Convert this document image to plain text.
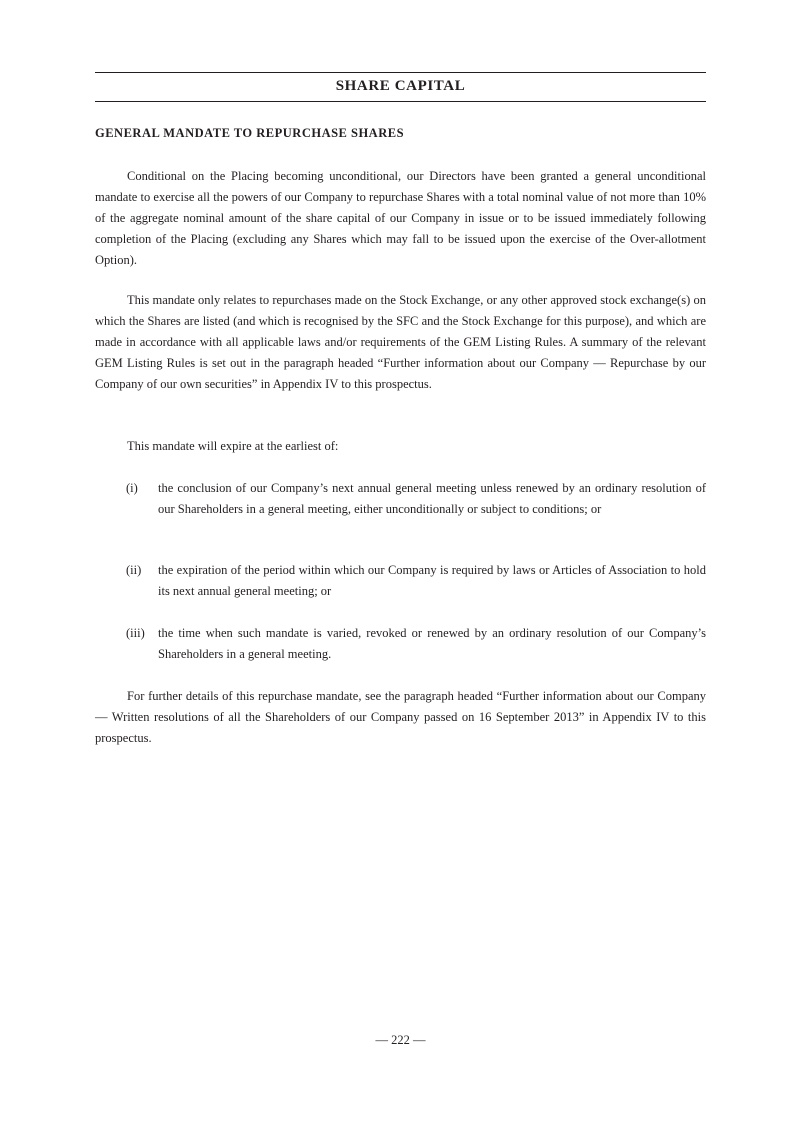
SHARE CAPITAL
GENERAL MANDATE TO REPURCHASE SHARES

Conditional on the Placing becoming unconditional, our Directors have been granted a general unconditional mandate to exercise all the powers of our Company to repurchase Shares with a total nominal value of not more than 10% of the aggregate nominal amount of the share capital of our Company in issue or to be issued immediately following completion of the Placing (excluding any Shares which may fall to be issued upon the exercise of the Over-allotment Option).

This mandate only relates to repurchases made on the Stock Exchange, or any other approved stock exchange(s) on which the Shares are listed (and which is recognised by the SFC and the Stock Exchange for this purpose), and which are made in accordance with all applicable laws and/or requirements of the GEM Listing Rules. A summary of the relevant GEM Listing Rules is set out in the paragraph headed “Further information about our Company — Repurchase by our Company of our own securities” in Appendix IV to this prospectus.

This mandate will expire at the earliest of:

(i)	the conclusion of our Company’s next annual general meeting unless renewed by an ordinary resolution of our Shareholders in a general meeting, either unconditionally or subject to conditions; or
(ii)	the expiration of the period within which our Company is required by laws or Articles of Association to hold its next annual general meeting; or
(iii)	the time when such mandate is varied, revoked or renewed by an ordinary resolution of our Company’s Shareholders in a general meeting.

For further details of this repurchase mandate, see the paragraph headed “Further information about our Company — Written resolutions of all the Shareholders of our Company passed on 16 September 2013” in Appendix IV to this prospectus.

— 222 —
